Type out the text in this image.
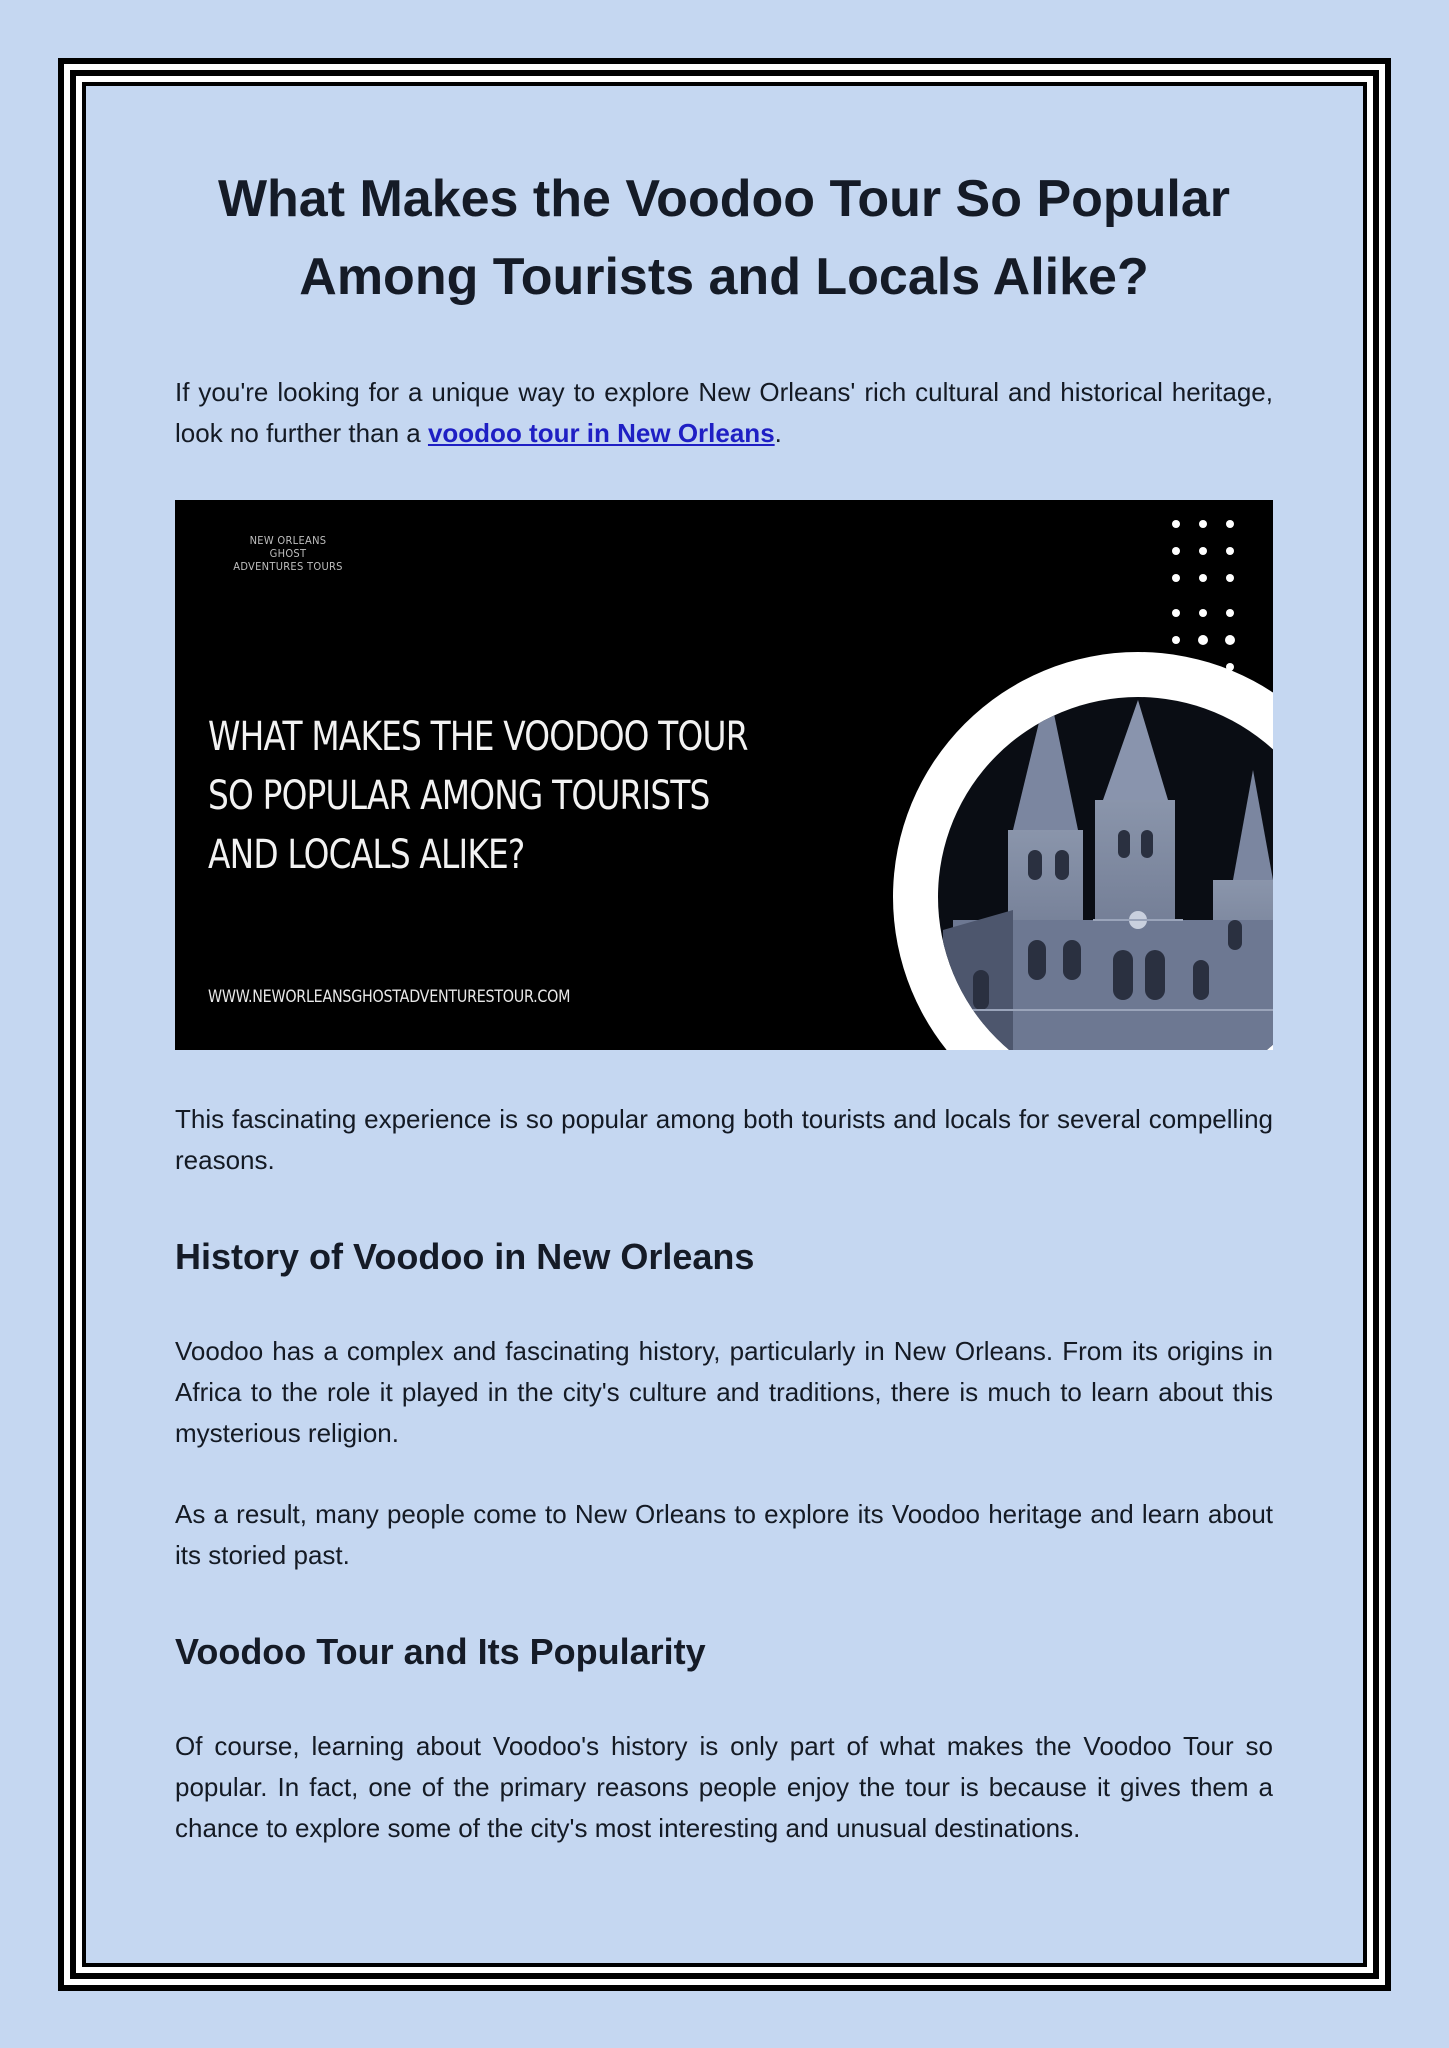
What Makes the Voodoo Tour So Popular Among Tourists and Locals Alike?

If you're looking for a unique way to explore New Orleans' rich cultural and historical heritage, look no further than a voodoo tour in New Orleans.

NEW ORLEANS
GHOST ADVENTURES TOURS
WHAT MAKES THE VOODOO TOUR
SO POPULAR AMONG TOURISTS
AND LOCALS ALIKE?
WWW.NEWORLEANSGHOSTADVENTURESTOUR.COM

This fascinating experience is so popular among both tourists and locals for several compelling reasons.

History of Voodoo in New Orleans

Voodoo has a complex and fascinating history, particularly in New Orleans. From its origins in Africa to the role it played in the city's culture and traditions, there is much to learn about this mysterious religion.

As a result, many people come to New Orleans to explore its Voodoo heritage and learn about its storied past.

Voodoo Tour and Its Popularity

Of course, learning about Voodoo's history is only part of what makes the Voodoo Tour so popular. In fact, one of the primary reasons people enjoy the tour is because it gives them a chance to explore some of the city's most interesting and unusual destinations.
